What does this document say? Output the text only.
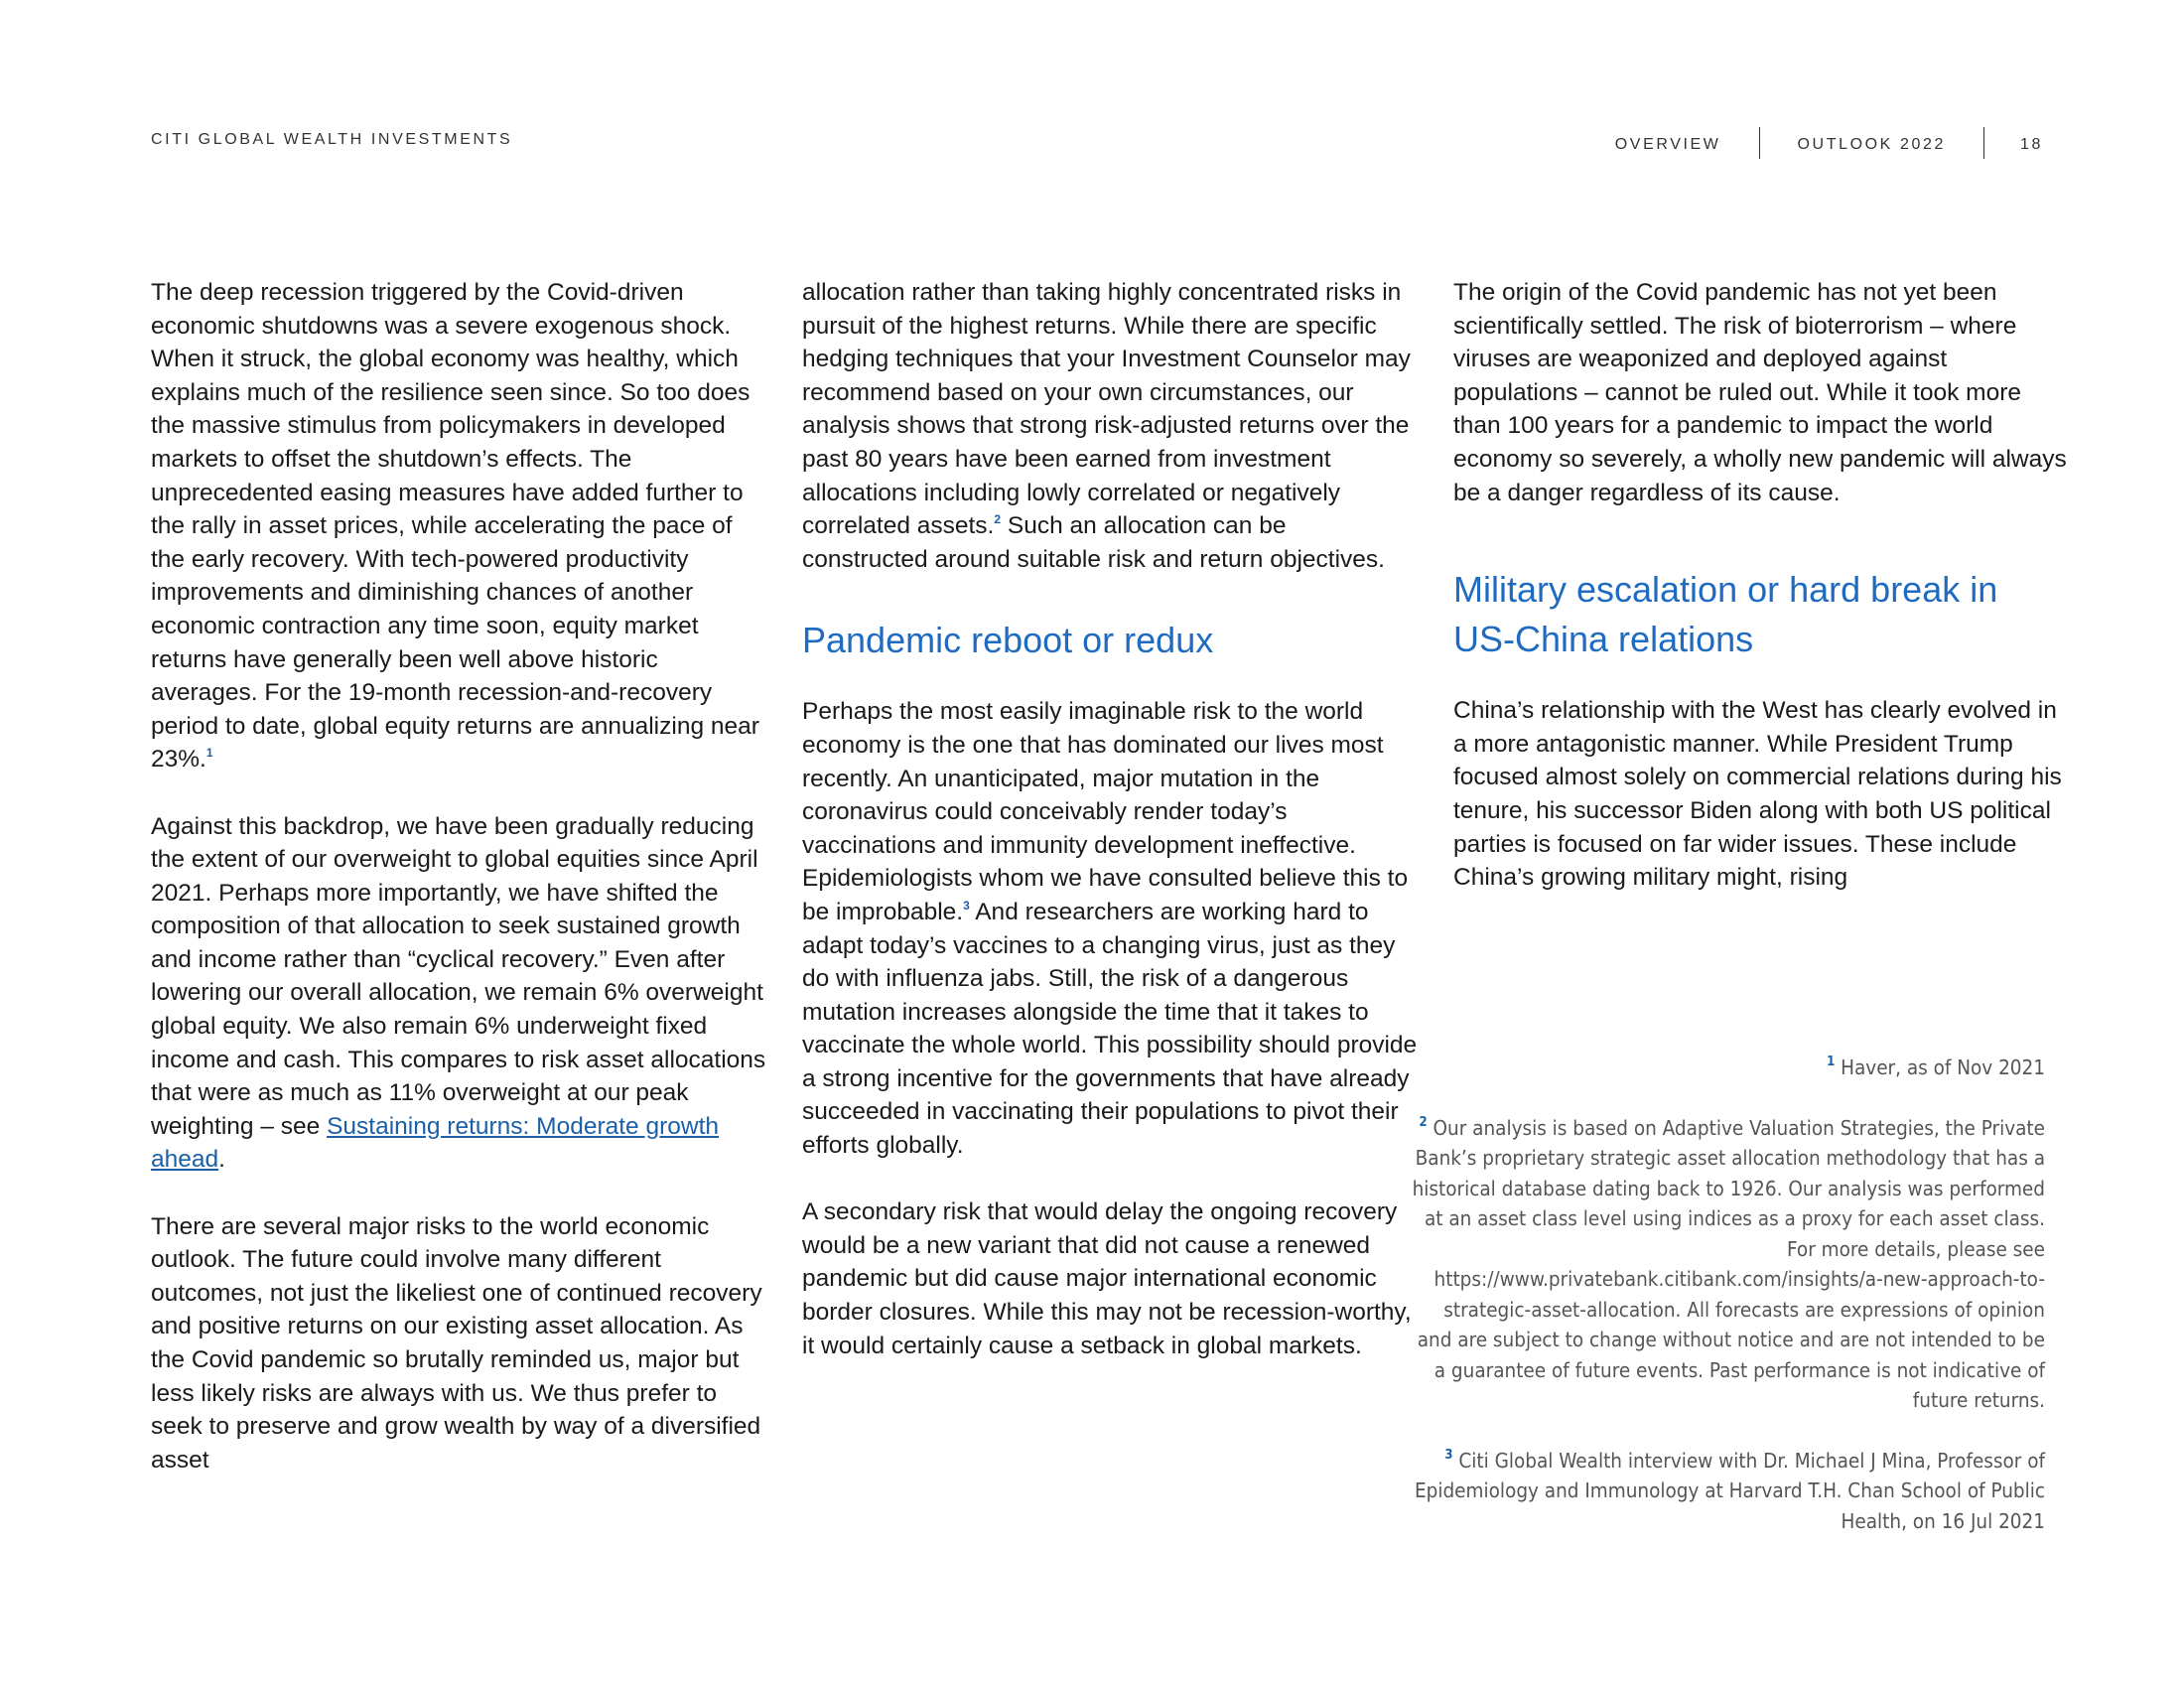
CITI GLOBAL WEALTH INVESTMENTS	OVERVIEW	OUTLOOK 2022	18

The deep recession triggered by the Covid-driven economic shutdowns was a severe exogenous shock. When it struck, the global economy was healthy, which explains much of the resilience seen since. So too does the massive stimulus from policymakers in developed markets to offset the shutdown’s effects. The unprecedented easing measures have added further to the rally in asset prices, while accelerating the pace of the early recovery. With tech-powered productivity improvements and diminishing chances of another economic contraction any time soon, equity market returns have generally been well above historic averages. For the 19-month recession-and-recovery period to date, global equity returns are annualizing near 23%.$^1$

Against this backdrop, we have been gradually reducing the extent of our overweight to global equities since April 2021. Perhaps more importantly, we have shifted the composition of that allocation to seek sustained growth and income rather than “cyclical recovery.” Even after lowering our overall allocation, we remain 6% overweight global equity. We also remain 6% underweight fixed income and cash. This compares to risk asset allocations that were as much as 11% overweight at our peak weighting – see Sustaining returns: Moderate growth ahead.

There are several major risks to the world economic outlook. The future could involve many different outcomes, not just the likeliest one of continued recovery and positive returns on our existing asset allocation. As the Covid pandemic so brutally reminded us, major but less likely risks are always with us. We thus prefer to seek to preserve and grow wealth by way of a diversified asset

allocation rather than taking highly concentrated risks in pursuit of the highest returns. While there are specific hedging techniques that your Investment Counselor may recommend based on your own circumstances, our analysis shows that strong risk-adjusted returns over the past 80 years have been earned from investment allocations including lowly correlated or negatively correlated assets.$^2$ Such an allocation can be constructed around suitable risk and return objectives.

Pandemic reboot or redux

Perhaps the most easily imaginable risk to the world economy is the one that has dominated our lives most recently. An unanticipated, major mutation in the coronavirus could conceivably render today’s vaccinations and immunity development ineffective. Epidemiologists whom we have consulted believe this to be improbable.$^3$ And researchers are working hard to adapt today’s vaccines to a changing virus, just as they do with influenza jabs. Still, the risk of a dangerous mutation increases alongside the time that it takes to vaccinate the whole world. This possibility should provide a strong incentive for the governments that have already succeeded in vaccinating their populations to pivot their efforts globally.

A secondary risk that would delay the ongoing recovery would be a new variant that did not cause a renewed pandemic but did cause major international economic border closures. While this may not be recession-worthy, it would certainly cause a setback in global markets.

The origin of the Covid pandemic has not yet been scientifically settled. The risk of bioterrorism – where viruses are weaponized and deployed against populations – cannot be ruled out. While it took more than 100 years for a pandemic to impact the world economy so severely, a wholly new pandemic will always be a danger regardless of its cause.

Military escalation or hard break in US-China relations

China’s relationship with the West has clearly evolved in a more antagonistic manner. While President Trump focused almost solely on commercial relations during his tenure, his successor Biden along with both US political parties is focused on far wider issues. These include China’s growing military might, rising

$^1$ Haver, as of Nov 2021

$^2$ Our analysis is based on Adaptive Valuation Strategies, the Private Bank’s proprietary strategic asset allocation methodology that has a historical database dating back to 1926. Our analysis was performed at an asset class level using indices as a proxy for each asset class. For more details, please see https://www.privatebank.citibank.com/insights/a-new-approach-to-strategic-asset-allocation. All forecasts are expressions of opinion and are subject to change without notice and are not intended to be a guarantee of future events. Past performance is not indicative of future returns.

$^3$ Citi Global Wealth interview with Dr. Michael J Mina, Professor of Epidemiology and Immunology at Harvard T.H. Chan School of Public Health, on 16 Jul 2021
